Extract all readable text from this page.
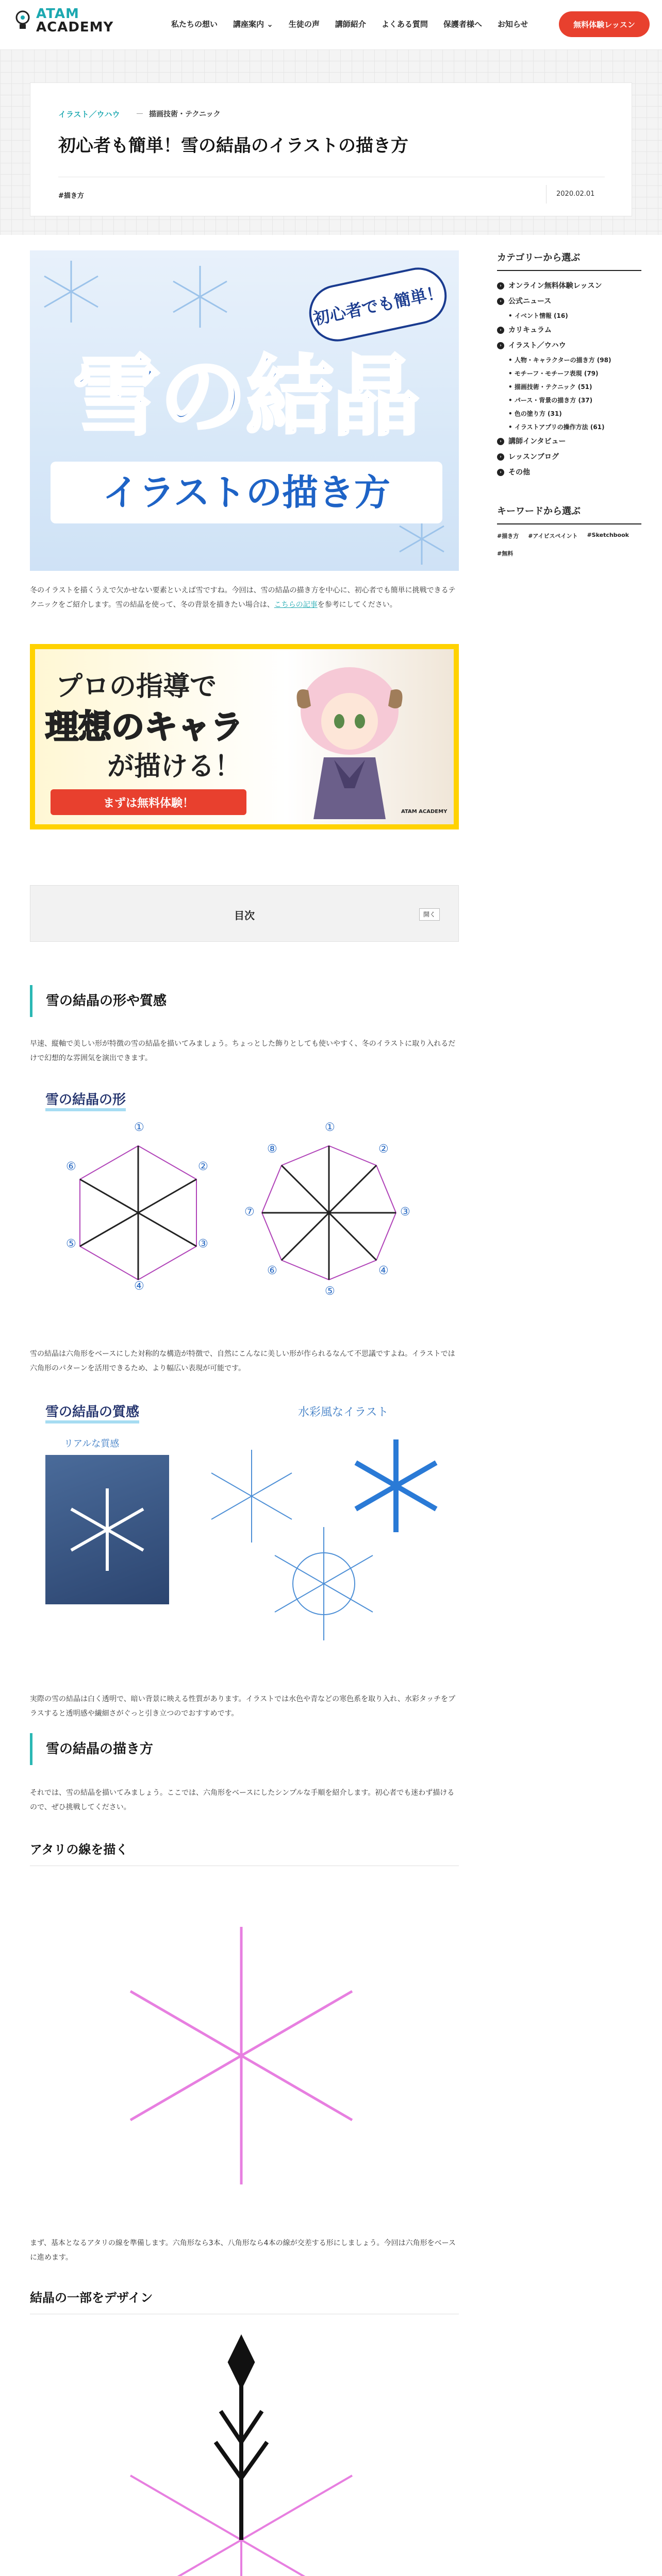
ATAM
ACADEMY	私たちの想い 講座案内 ⌄ 生徒の声 講師紹介 よくある質問 保護者様へ お知らせ	無料体験レッスン
イラスト／ウハウ	描画技術・テクニック
初心者も簡単！雪の結晶のイラストの描き方
#描き方	2020.02.01
初心者でも簡単！
雪の結晶
イラストの描き方

冬のイラストを描くうえで欠かせない要素といえば雪ですね。今回は、雪の結晶の描き方を中心に、初心者でも簡単に挑戦できるテクニックをご紹介します。雪の結晶を使って、冬の背景を描きたい場合は、こちらの記事を参考にしてください。

プロの指導で
理想のキャラ
が描ける！
まずは無料体験！
ATAM ACADEMY
目次	開く
雪の結晶の形や質感

早速、縦軸で美しい形が特徴の雪の結晶を描いてみましょう。ちょっとした飾りとしても使いやすく、冬のイラストに取り入れるだけで幻想的な雰囲気を演出できます。

雪の結晶の形
①
②
③
④
⑤
⑥
①
②
③
④
⑤
⑥
⑦
⑧

雪の結晶は六角形をベースにした対称的な構造が特徴で、自然にこんなに美しい形が作られるなんて不思議ですよね。イラストでは六角形のパターンを活用できるため、より幅広い表現が可能です。

雪の結晶の質感
リアルな質感
水彩風なイラスト

実際の雪の結晶は白く透明で、暗い背景に映える性質があります。イラストでは水色や青などの寒色系を取り入れ、水彩タッチをプラスすると透明感や繊細さがぐっと引き立つのでおすすめです。

雪の結晶の描き方

それでは、雪の結晶を描いてみましょう。ここでは、六角形をベースにしたシンプルな手順を紹介します。初心者でも迷わず描けるので、ぜひ挑戦してください。

アタリの線を描く

まず、基本となるアタリの線を準備します。六角形なら3本、八角形なら4本の線が交差する形にしましょう。今回は六角形をベースに進めます。

結晶の一部をデザイン

カテゴリーから選ぶ
› オンライン無料体験レッスン
› 公式ニュース
• イベント情報 (16)
› カリキュラム
› イラスト／ウハウ
• 人物・キャラクターの描き方 (98)
• モチーフ・モチーフ表現 (79)
• 描画技術・テクニック (51)
• パース・背景の描き方 (37)
• 色の塗り方 (31)
• イラストアプリの操作方法 (61)
› 講師インタビュー
› レッスンブログ
› その他
キーワードから選ぶ
#描き方 #アイビスペイント #Sketchbook
#無料
